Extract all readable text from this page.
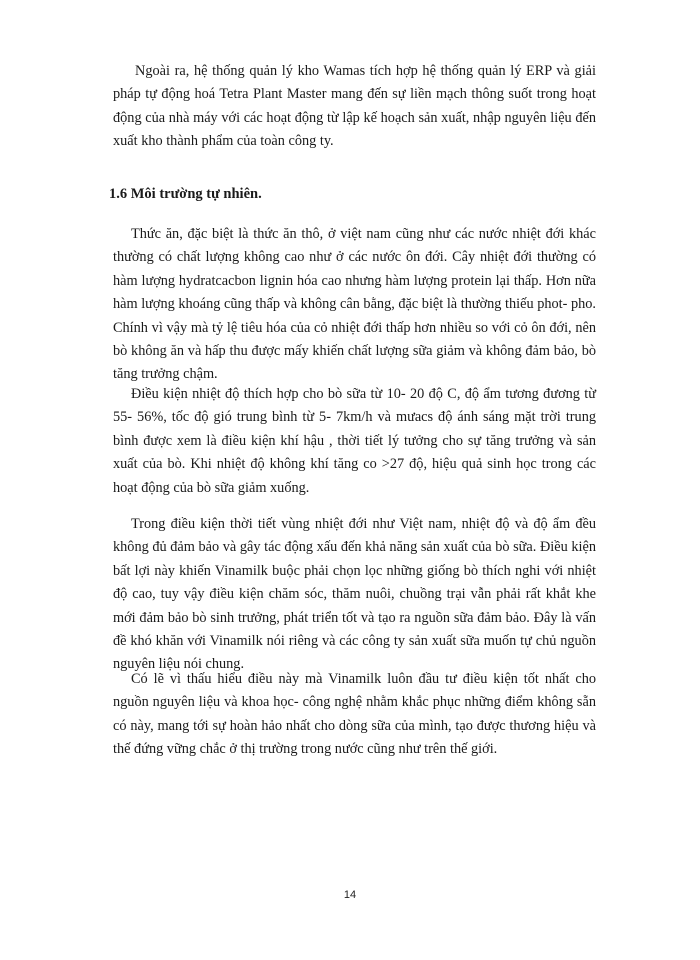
Ngoài ra, hệ thống quản lý kho Wamas tích hợp hệ thống quản lý ERP và giải pháp tự động hoá Tetra Plant Master mang đến sự liền mạch thông suốt trong hoạt động của nhà máy với các hoạt động từ lập kế hoạch sản xuất, nhập nguyên liệu đến xuất kho thành phẩm của toàn công ty.

1.6 Môi trường tự nhiên.

Thức ăn, đặc biệt là thức ăn thô, ở việt nam cũng như các nước nhiệt đới khác thường có chất lượng không cao như ở các nước ôn đới. Cây nhiệt đới thường có hàm lượng hydratcacbon lignin hóa cao nhưng hàm lượng protein lại thấp. Hơn nữa hàm lượng khoáng cũng thấp và không cân bằng, đặc biệt là thường thiếu phot- pho. Chính vì vậy mà tỷ lệ tiêu hóa của cỏ nhiệt đới thấp hơn nhiều so với cỏ ôn đới, nên bò không ăn và hấp thu được mấy khiến chất lượng sữa giảm và không đảm bảo, bò tăng trưởng chậm.

Điều kiện nhiệt độ thích hợp cho bò sữa từ 10- 20 độ C, độ ẩm tương đương từ 55- 56%, tốc độ gió trung bình từ 5- 7km/h và mưacs độ ánh sáng mặt trời trung bình được xem là điều kiện khí hậu , thời tiết lý tưởng cho sự tăng trưởng và sản xuất của bò. Khi nhiệt độ không khí tăng co >27 độ, hiệu quả sinh học trong các hoạt động của bò sữa giảm xuống.

Trong điều kiện thời tiết vùng nhiệt đới như Việt nam, nhiệt độ và độ ẩm đều không đủ đảm bảo và gây tác động xấu đến khả năng sản xuất của bò sữa. Điều kiện bất lợi này khiến Vinamilk buộc phải chọn lọc những giống bò thích nghi với nhiệt độ cao, tuy vậy điều kiện chăm sóc, thăm nuôi, chuồng trại vẫn phải rất khắt khe mới đảm bảo bò sinh trưởng, phát triển tốt và tạo ra nguồn sữa đảm bảo. Đây là vấn đề khó khăn với Vinamilk nói riêng và các công ty sản xuất sữa muốn tự chủ nguồn nguyên liệu nói chung.

Có lẽ vì thấu hiểu điều này mà Vinamilk luôn đầu tư điều kiện tốt nhất cho nguồn nguyên liệu và khoa học- công nghệ nhằm khắc phục những điểm không sẵn có này, mang tới sự hoàn hảo nhất cho dòng sữa của mình, tạo được thương hiệu và thế đứng vững chắc ở thị trường trong nước cũng như trên thế giới.

14
